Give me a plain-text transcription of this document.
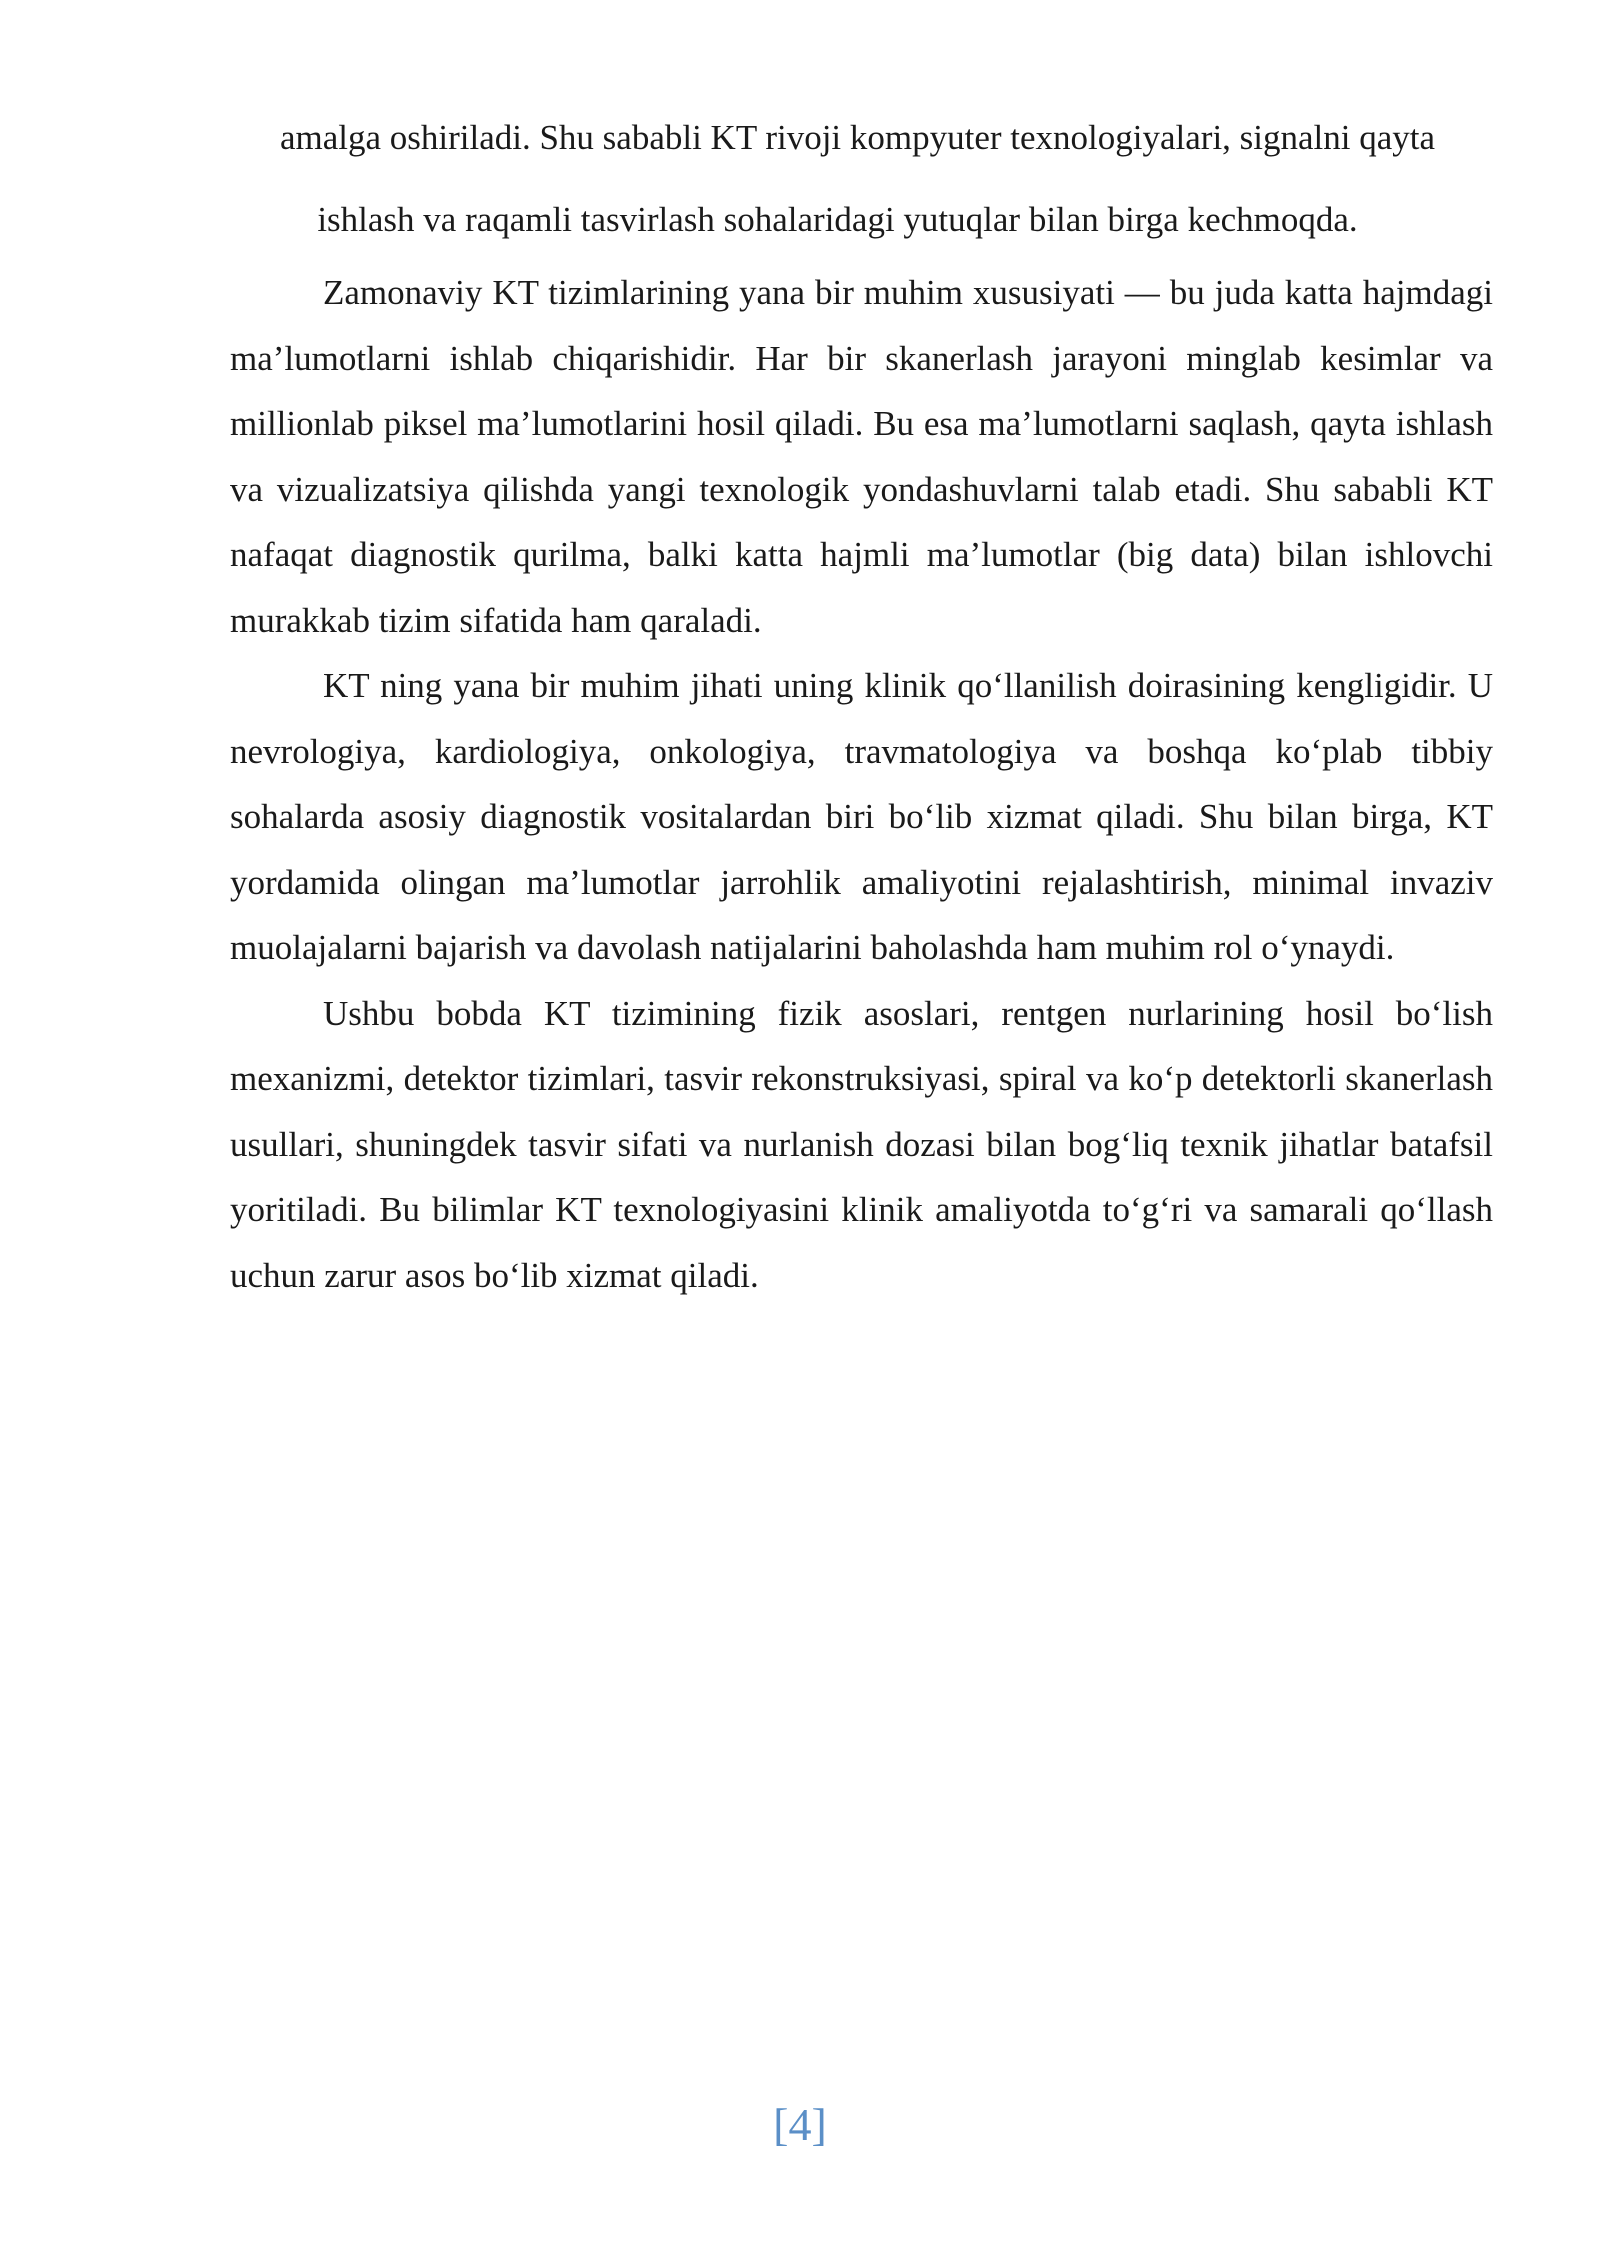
amalga oshiriladi. Shu sababli KT rivoji kompyuter texnologiyalari, signalni qayta

ishlash va raqamli tasvirlash sohalaridagi yutuqlar bilan birga kechmoqda.

Zamonaviy KT tizimlarining yana bir muhim xususiyati — bu juda katta hajmdagi ma’lumotlarni ishlab chiqarishidir. Har bir skanerlash jarayoni minglab kesimlar va millionlab piksel ma’lumotlarini hosil qiladi. Bu esa ma’lumotlarni saqlash, qayta ishlash va vizualizatsiya qilishda yangi texnologik yondashuvlarni talab etadi. Shu sababli KT nafaqat diagnostik qurilma, balki katta hajmli ma’lumotlar (big data) bilan ishlovchi murakkab tizim sifatida ham qaraladi.

KT ning yana bir muhim jihati uning klinik qo‘llanilish doirasining kengligidir. U nevrologiya, kardiologiya, onkologiya, travmatologiya va boshqa ko‘plab tibbiy sohalarda asosiy diagnostik vositalardan biri bo‘lib xizmat qiladi. Shu bilan birga, KT yordamida olingan ma’lumotlar jarrohlik amaliyotini rejalashtirish, minimal invaziv muolajalarni bajarish va davolash natijalarini baholashda ham muhim rol o‘ynaydi.

Ushbu bobda KT tizimining fizik asoslari, rentgen nurlarining hosil bo‘lish mexanizmi, detektor tizimlari, tasvir rekonstruksiyasi, spiral va ko‘p detektorli skanerlash usullari, shuningdek tasvir sifati va nurlanish dozasi bilan bog‘liq texnik jihatlar batafsil yoritiladi. Bu bilimlar KT texnologiyasini klinik amaliyotda to‘g‘ri va samarali qo‘llash uchun zarur asos bo‘lib xizmat qiladi.

[4]
